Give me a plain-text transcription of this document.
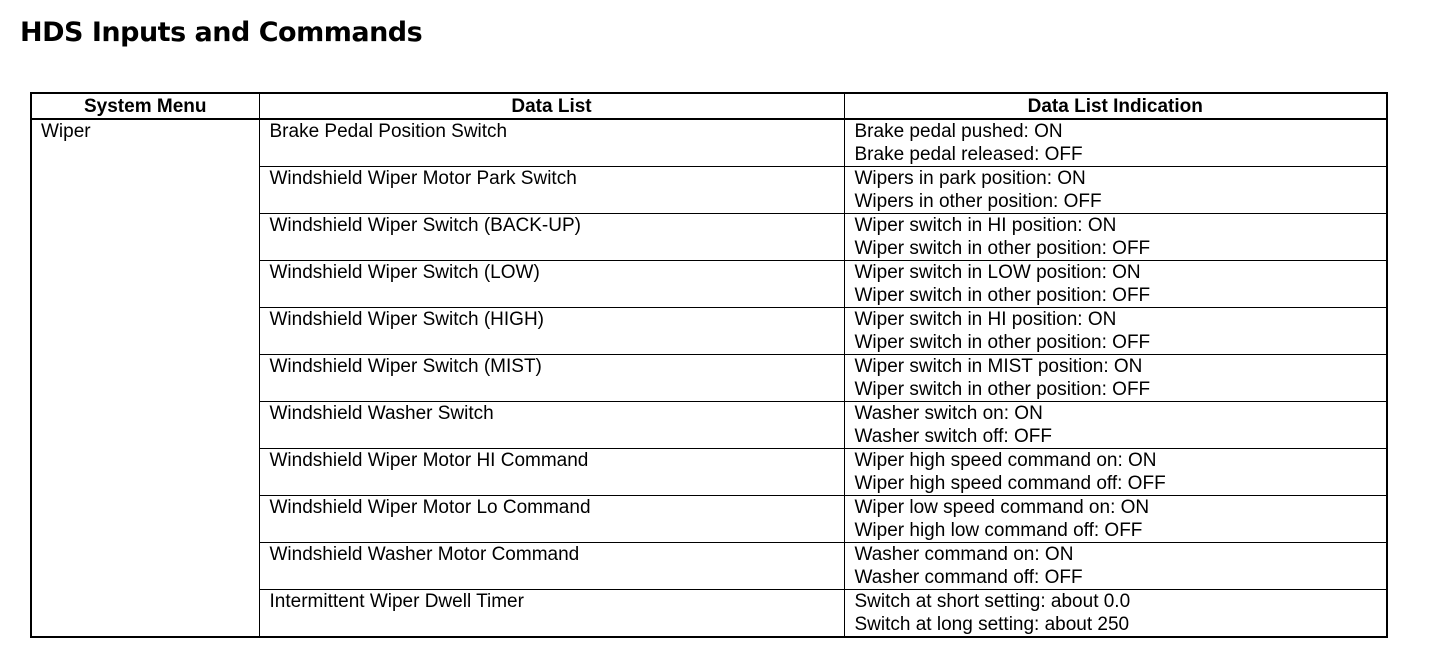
HDS Inputs and Commands
System Menu	Data List	Data List Indication
Wiper	Brake Pedal Position Switch	Brake pedal pushed: ON
Brake pedal released: OFF

	Windshield Wiper Motor Park Switch	Wipers in park position: ON
Wipers in other position: OFF

	Windshield Wiper Switch (BACK-UP)	Wiper switch in HI position: ON
Wiper switch in other position: OFF

	Windshield Wiper Switch (LOW)	Wiper switch in LOW position: ON
Wiper switch in other position: OFF

	Windshield Wiper Switch (HIGH)	Wiper switch in HI position: ON
Wiper switch in other position: OFF

	Windshield Wiper Switch (MIST)	Wiper switch in MIST position: ON
Wiper switch in other position: OFF

	Windshield Washer Switch	Washer switch on: ON
Washer switch off: OFF

	Windshield Wiper Motor HI Command	Wiper high speed command on: ON
Wiper high speed command off: OFF

	Windshield Wiper Motor Lo Command	Wiper low speed command on: ON
Wiper high low command off: OFF

	Windshield Washer Motor Command	Washer command on: ON
Washer command off: OFF

	Intermittent Wiper Dwell Timer	Switch at short setting: about 0.0
Switch at long setting: about 250
